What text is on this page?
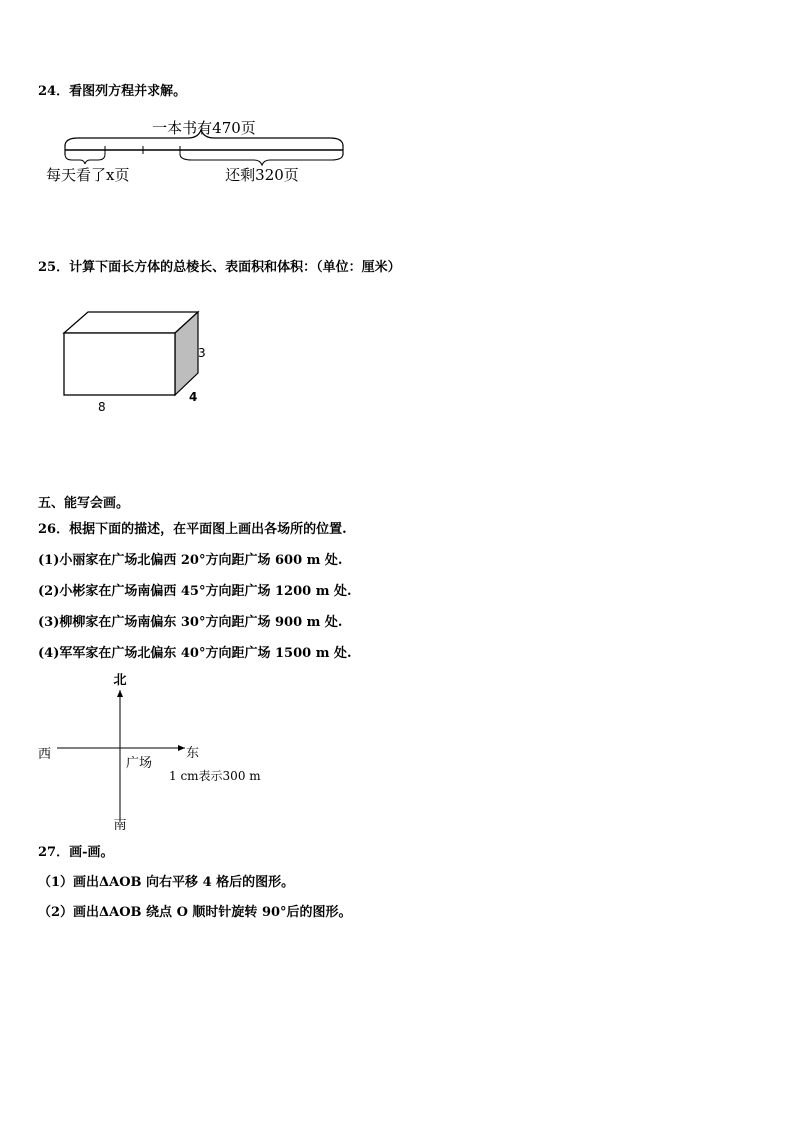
24．看图列方程并求解。
一本书有470页
每天看了x页	还剩320页
25．计算下面长方体的总棱长、表面积和体积：（单位：厘米）
3
4
8
五、能写会画。
26．根据下面的描述，在平面图上画出各场所的位置.
(1)小丽家在广场北偏西 20°方向距广场 600 m 处.
(2)小彬家在广场南偏西 45°方向距广场 1200 m 处.
(3)柳柳家在广场南偏东 30°方向距广场 900 m 处.
(4)军军家在广场北偏东 40°方向距广场 1500 m 处.
北
南
西	东
广场
1 cm表示300 m
27．画-画。
（1）画出ΔAOB 向右平移 4 格后的图形。
（2）画出ΔAOB 绕点 O 顺时针旋转 90°后的图形。
